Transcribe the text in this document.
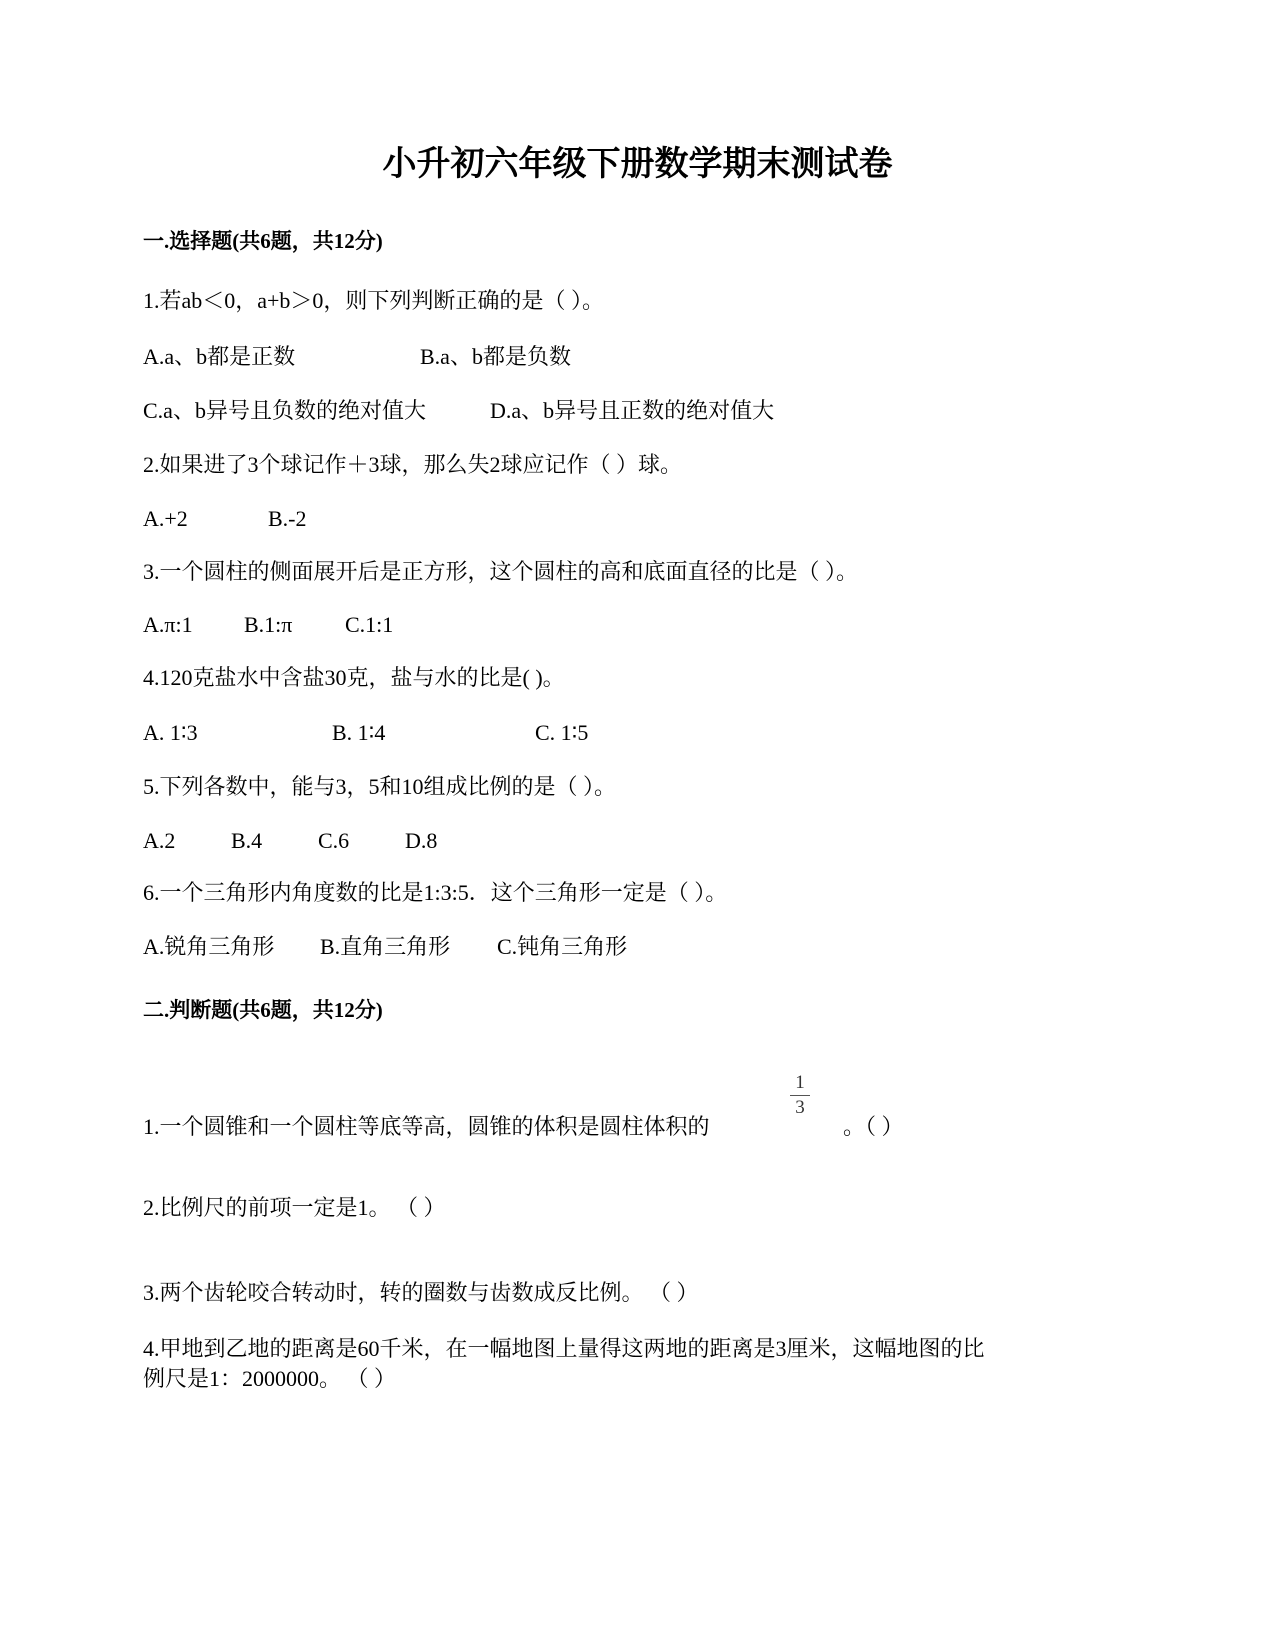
小升初六年级下册数学期末测试卷
一.选择题(共6题，共12分)
1.若ab＜0，a+b＞0，则下列判断正确的是（ ）。
A.a、b都是正数	B.a、b都是负数
C.a、b异号且负数的绝对值大	D.a、b异号且正数的绝对值大
2.如果进了3个球记作＋3球，那么失2球应记作（ ）球。
A.+2	B.-2
3.一个圆柱的侧面展开后是正方形，这个圆柱的高和底面直径的比是（ ）。
A.π:1 B.1:π C.1:1
4.120克盐水中含盐30克，盐与水的比是( )。
A. 1∶3	B. 1∶4	C. 1∶5
5.下列各数中，能与3，5和10组成比例的是（ ）。
A.2	B.4	C.6	D.8
6.一个三角形内角度数的比是1:3:5．这个三角形一定是（ ）。
A.锐角三角形 B.直角三角形 C.钝角三角形
二.判断题(共6题，共12分)
1.一个圆锥和一个圆柱等底等高，圆锥的体积是圆柱体积的
1
3
。（ ）
2.比例尺的前项一定是1。 （ ）
3.两个齿轮咬合转动时，转的圈数与齿数成反比例。 （ ）
4.甲地到乙地的距离是60千米，在一幅地图上量得这两地的距离是3厘米，这幅地图的比
例尺是1：2000000。 （ ）
